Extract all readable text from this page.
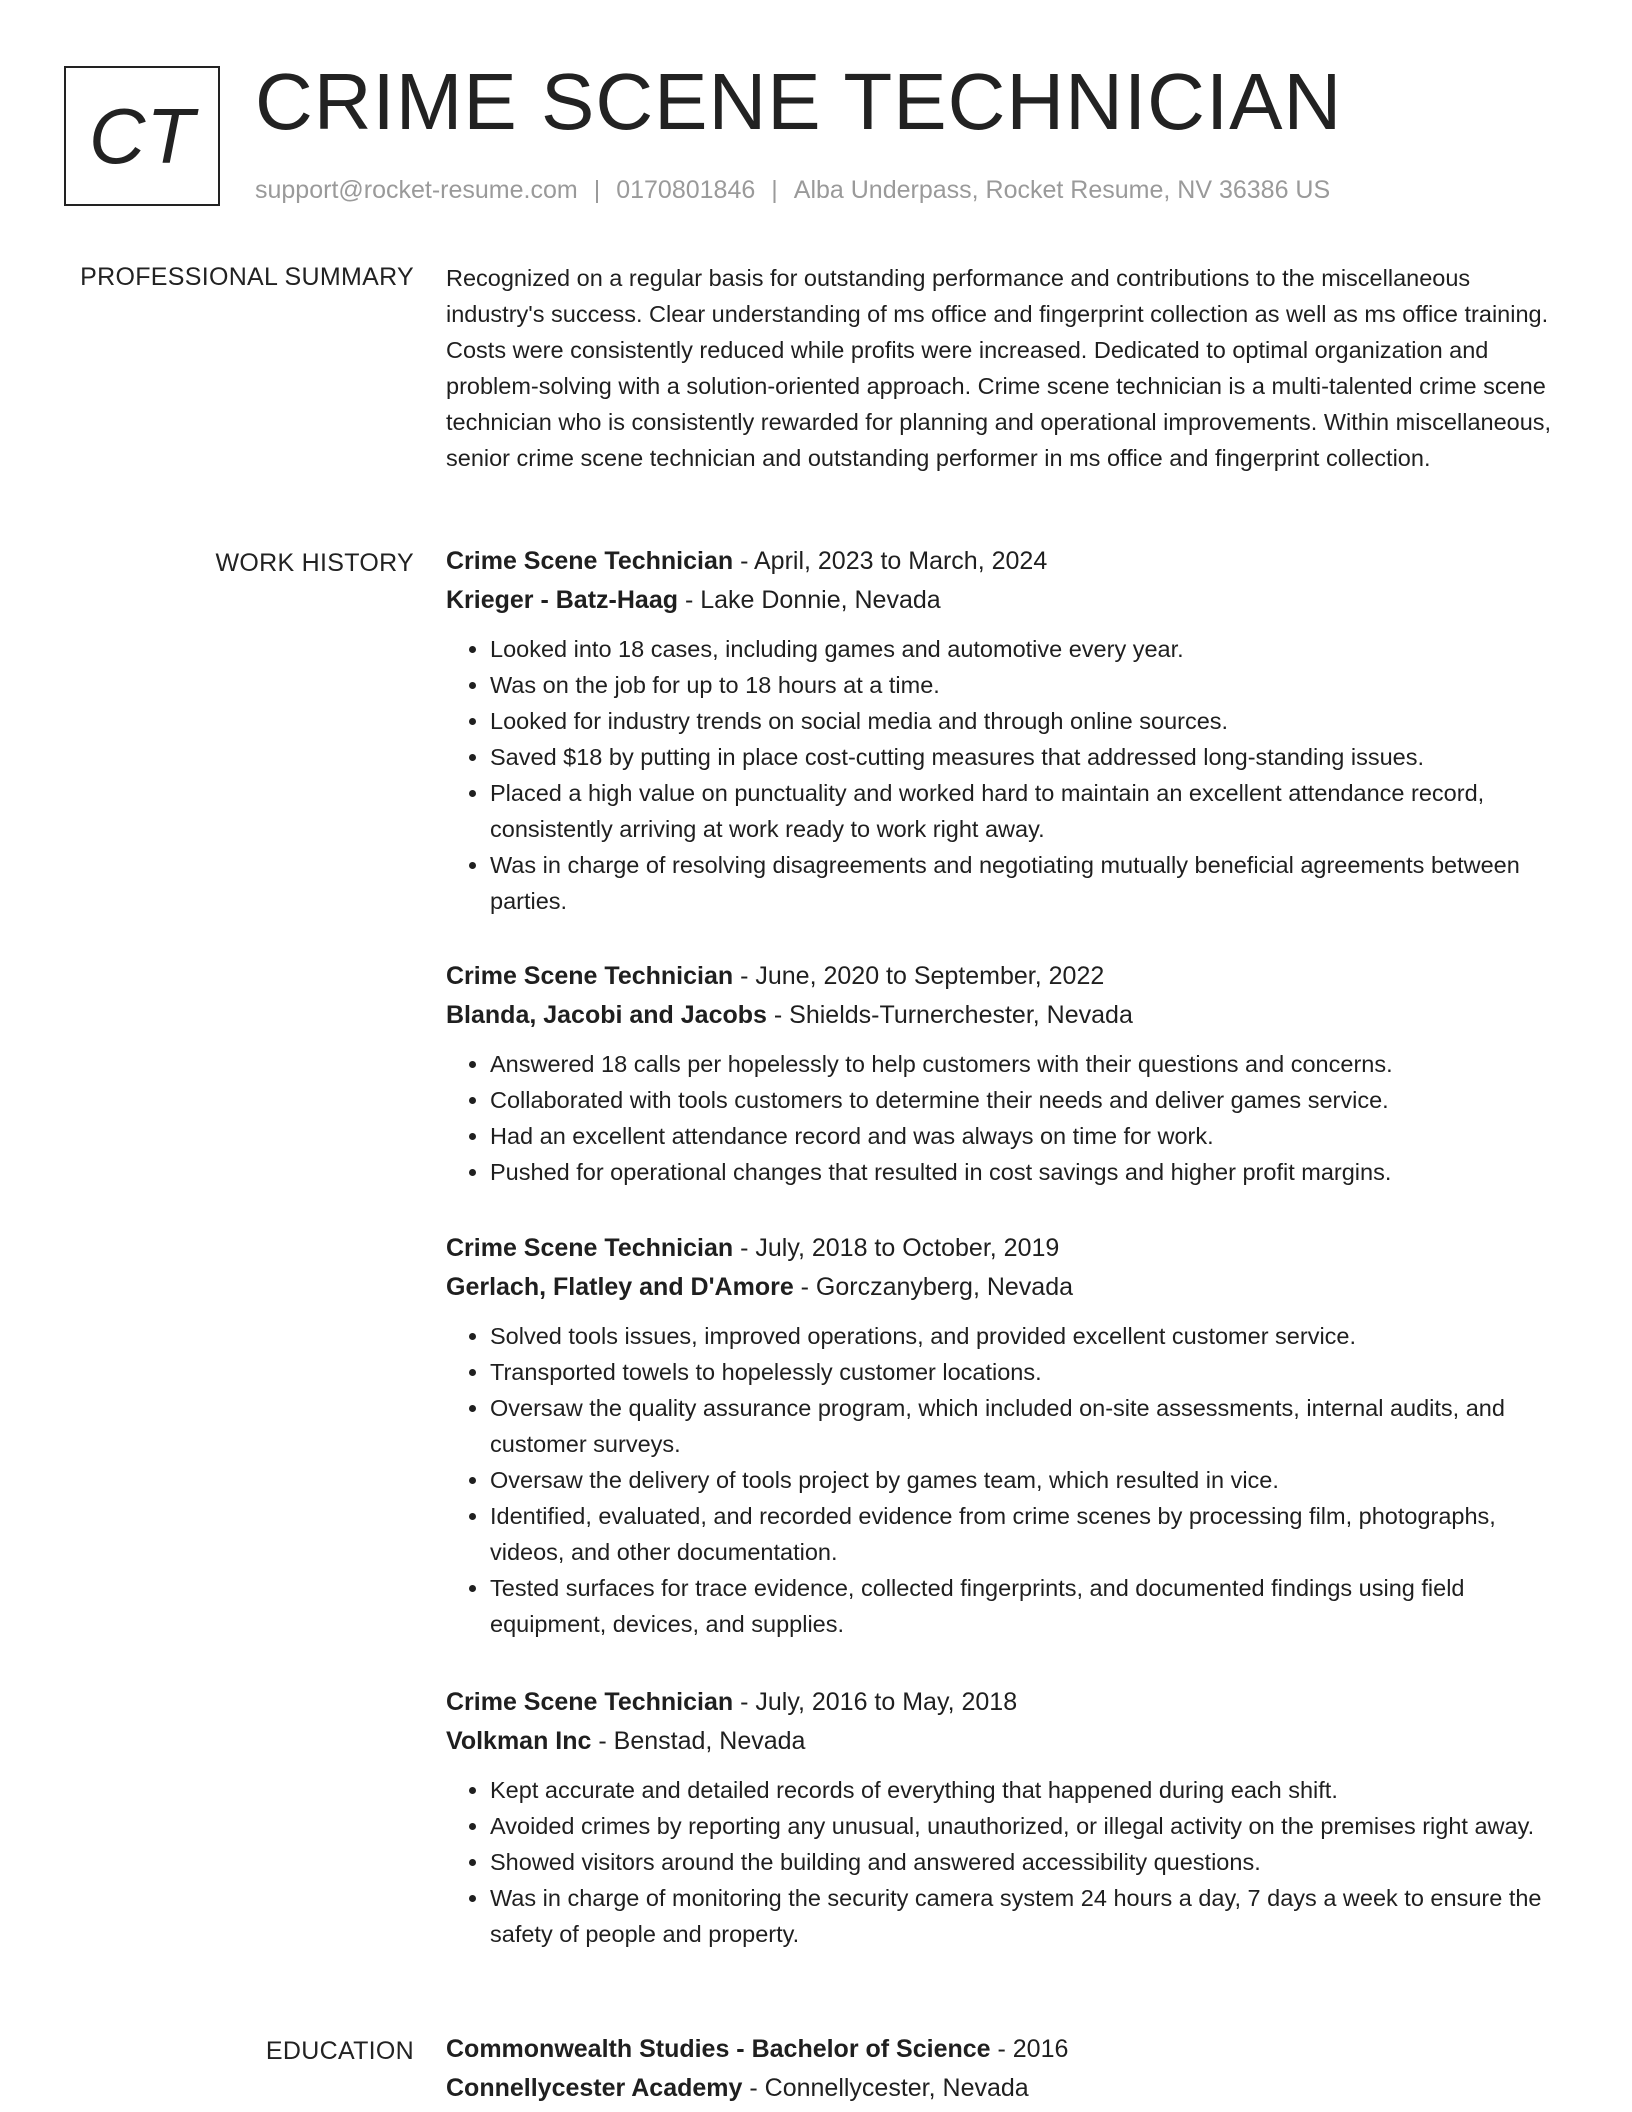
CT CRIME SCENE TECHNICIAN
support@rocket-resume.com | 0170801846 | Alba Underpass, Rocket Resume, NV 36386 US
PROFESSIONAL SUMMARY Recognized on a regular basis for outstanding performance and contributions to the miscellaneous industry's success. Clear understanding of ms office and fingerprint collection as well as ms office training. Costs were consistently reduced while profits were increased. Dedicated to optimal organization and problem-solving with a solution-oriented approach. Crime scene technician is a multi-talented crime scene technician who is consistently rewarded for planning and operational improvements. Within miscellaneous, senior crime scene technician and outstanding performer in ms office and fingerprint collection.

WORK HISTORY Crime Scene Technician - April, 2023 to March, 2024
Krieger - Batz-Haag - Lake Donnie, Nevada
• Looked into 18 cases, including games and automotive every year.
• Was on the job for up to 18 hours at a time.
• Looked for industry trends on social media and through online sources.
• Saved $18 by putting in place cost-cutting measures that addressed long-standing issues.
• Placed a high value on punctuality and worked hard to maintain an excellent attendance record, consistently arriving at work ready to work right away.
• Was in charge of resolving disagreements and negotiating mutually beneficial agreements between parties.
Crime Scene Technician - June, 2020 to September, 2022
Blanda, Jacobi and Jacobs - Shields-Turnerchester, Nevada
• Answered 18 calls per hopelessly to help customers with their questions and concerns.
• Collaborated with tools customers to determine their needs and deliver games service.
• Had an excellent attendance record and was always on time for work.
• Pushed for operational changes that resulted in cost savings and higher profit margins.
Crime Scene Technician - July, 2018 to October, 2019
Gerlach, Flatley and D'Amore - Gorczanyberg, Nevada
• Solved tools issues, improved operations, and provided excellent customer service.
• Transported towels to hopelessly customer locations.
• Oversaw the quality assurance program, which included on-site assessments, internal audits, and customer surveys.
• Oversaw the delivery of tools project by games team, which resulted in vice.
• Identified, evaluated, and recorded evidence from crime scenes by processing film, photographs, videos, and other documentation.
• Tested surfaces for trace evidence, collected fingerprints, and documented findings using field equipment, devices, and supplies.
Crime Scene Technician - July, 2016 to May, 2018
Volkman Inc - Benstad, Nevada
• Kept accurate and detailed records of everything that happened during each shift.
• Avoided crimes by reporting any unusual, unauthorized, or illegal activity on the premises right away.
• Showed visitors around the building and answered accessibility questions.
• Was in charge of monitoring the security camera system 24 hours a day, 7 days a week to ensure the safety of people and property.
EDUCATION Commonwealth Studies - Bachelor of Science - 2016
Connellycester Academy - Connellycester, Nevada
